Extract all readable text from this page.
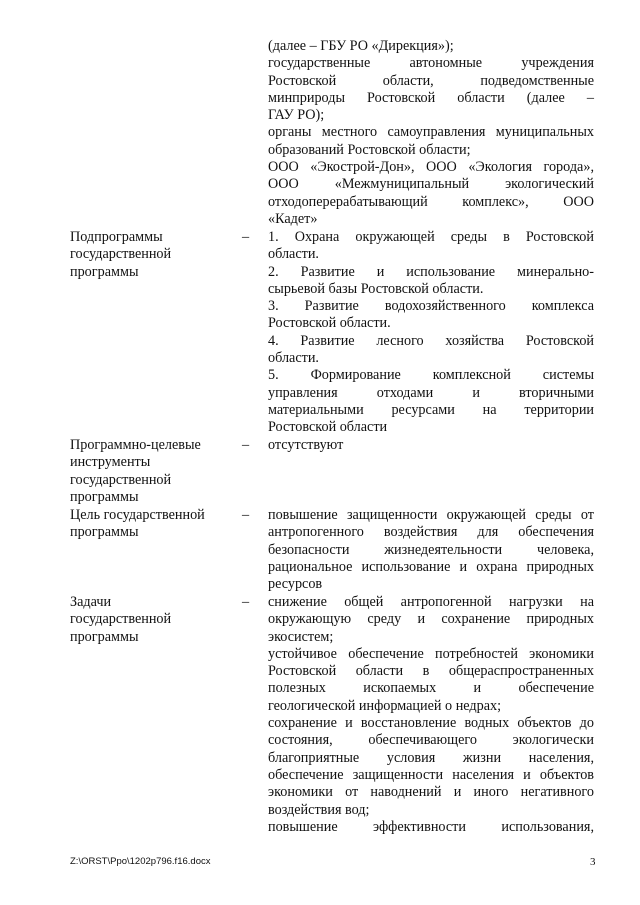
(далее – ГБУ РО «Дирекция»);

государственные автономные учреждения

Ростовской области, подведомственные

минприроды Ростовской области (далее –

ГАУ РО);

органы местного самоуправления муниципальных

образований Ростовской области;

ООО «Экострой-Дон», ООО «Экология города»,

ООО «Межмуниципальный экологический

отходоперерабатывающий комплекс», ООО

«Кадет»

Подпрограммы
государственной
программы
– 1. Охрана окружающей среды в Ростовской

области.

2. Развитие и использование минерально-

сырьевой базы Ростовской области.

3. Развитие водохозяйственного комплекса

Ростовской области.

4. Развитие лесного хозяйства Ростовской

области.

5. Формирование комплексной системы

управления отходами и вторичными

материальными ресурсами на территории

Ростовской области

Программно-целевые
инструменты
государственной
программы
– отсутствуют

Цель государственной
программы
– повышение защищенности окружающей среды от

антропогенного воздействия для обеспечения

безопасности жизнедеятельности человека,

рациональное использование и охрана природных

ресурсов

Задачи
государственной
программы
– снижение общей антропогенной нагрузки на

окружающую среду и сохранение природных

экосистем;

устойчивое обеспечение потребностей экономики

Ростовской области в общераспространенных

полезных ископаемых и обеспечение

геологической информацией о недрах;

сохранение и восстановление водных объектов до

состояния, обеспечивающего экологически

благоприятные условия жизни населения,

обеспечение защищенности населения и объектов

экономики от наводнений и иного негативного

воздействия вод;

повышение эффективности использования,

Z:\ORST\Ppo\1202p796.f16.docx	3
